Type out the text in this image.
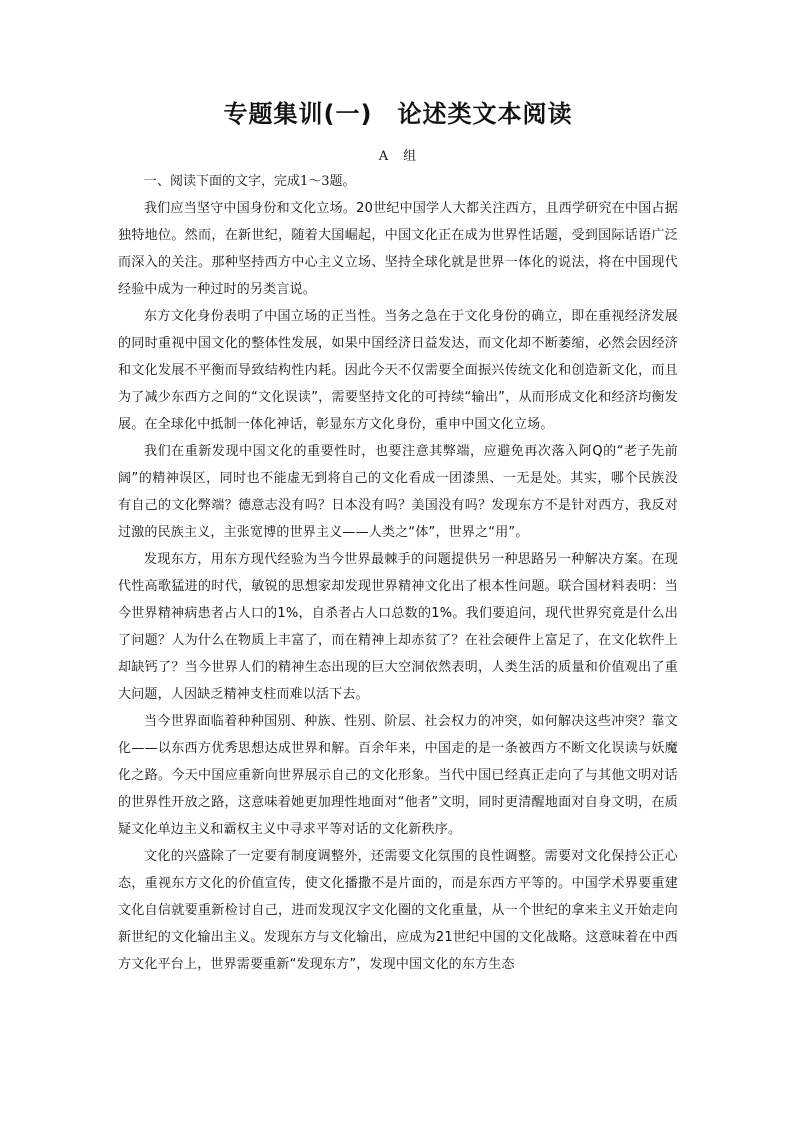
专题集训(一)　论述类文本阅读
A　组

一、阅读下面的文字，完成1～3题。

我们应当坚守中国身份和文化立场。20世纪中国学人大都关注西方，且西学研究在中国占据独特地位。然而，在新世纪，随着大国崛起，中国文化正在成为世界性话题，受到国际话语广泛而深入的关注。那种坚持西方中心主义立场、坚持全球化就是世界一体化的说法，将在中国现代经验中成为一种过时的另类言说。

东方文化身份表明了中国立场的正当性。当务之急在于文化身份的确立，即在重视经济发展的同时重视中国文化的整体性发展，如果中国经济日益发达，而文化却不断萎缩，必然会因经济和文化发展不平衡而导致结构性内耗。因此今天不仅需要全面振兴传统文化和创造新文化，而且为了减少东西方之间的“文化误读”，需要坚持文化的可持续“输出”，从而形成文化和经济均衡发展。在全球化中抵制一体化神话，彰显东方文化身份，重申中国文化立场。

我们在重新发现中国文化的重要性时，也要注意其弊端，应避免再次落入阿Q的“老子先前阔”的精神误区，同时也不能虚无到将自己的文化看成一团漆黑、一无是处。其实，哪个民族没有自己的文化弊端？德意志没有吗？日本没有吗？美国没有吗？发现东方不是针对西方，我反对过激的民族主义，主张宽博的世界主义——人类之“体”，世界之“用”。

发现东方，用东方现代经验为当今世界最棘手的问题提供另一种思路另一种解决方案。在现代性高歌猛进的时代，敏锐的思想家却发现世界精神文化出了根本性问题。联合国材料表明：当今世界精神病患者占人口的1%，自杀者占人口总数的1%。我们要追问，现代世界究竟是什么出了问题？人为什么在物质上丰富了，而在精神上却赤贫了？在社会硬件上富足了，在文化软件上却缺钙了？当今世界人们的精神生态出现的巨大空洞依然表明，人类生活的质量和价值观出了重大问题，人因缺乏精神支柱而难以活下去。

当今世界面临着种种国别、种族、性别、阶层、社会权力的冲突，如何解决这些冲突？靠文化——以东西方优秀思想达成世界和解。百余年来，中国走的是一条被西方不断文化误读与妖魔化之路。今天中国应重新向世界展示自己的文化形象。当代中国已经真正走向了与其他文明对话的世界性开放之路，这意味着她更加理性地面对“他者”文明，同时更清醒地面对自身文明，在质疑文化单边主义和霸权主义中寻求平等对话的文化新秩序。

文化的兴盛除了一定要有制度调整外，还需要文化氛围的良性调整。需要对文化保持公正心态，重视东方文化的价值宣传，使文化播撒不是片面的，而是东西方平等的。中国学术界要重建文化自信就要重新检讨自己，进而发现汉字文化圈的文化重量，从一个世纪的拿来主义开始走向新世纪的文化输出主义。发现东方与文化输出，应成为21世纪中国的文化战略。这意味着在中西方文化平台上，世界需要重新“发现东方”，发现中国文化的东方生态
